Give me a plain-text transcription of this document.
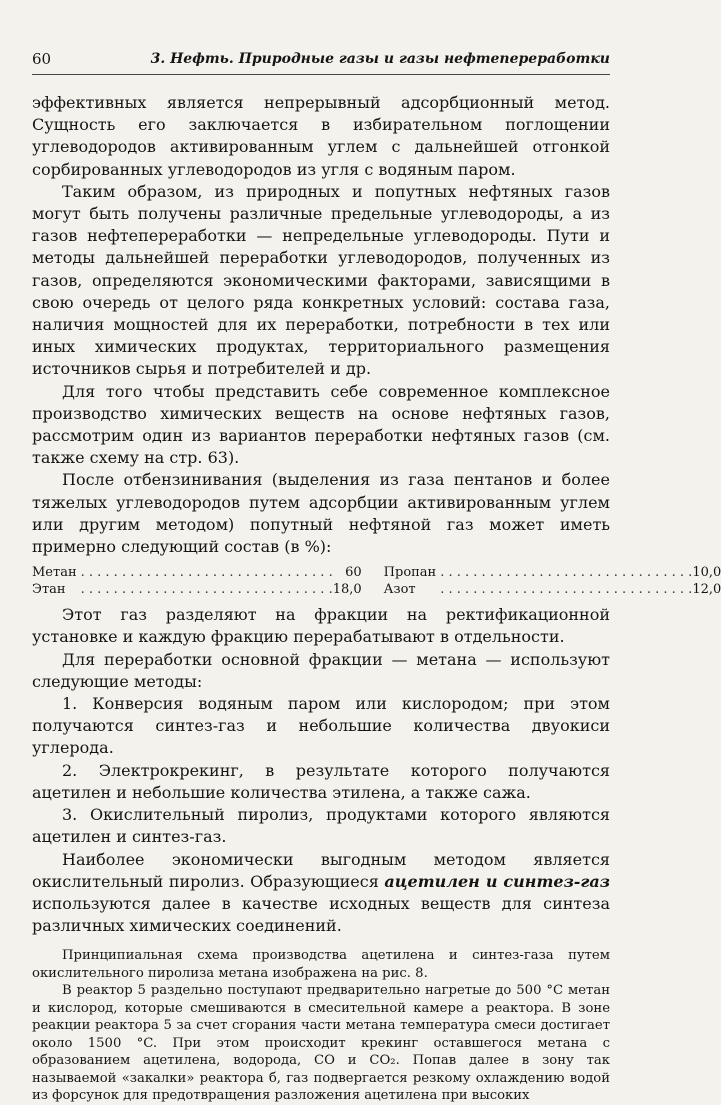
60	3. Нефть. Природные газы и газы нефтепереработки

эффективных является непрерывный адсорбционный метод. Сущность его заключается в избирательном поглощении углеводородов активированным углем с дальнейшей отгонкой сорбированных углеводородов из угля с водяным паром.

Таким образом, из природных и попутных нефтяных газов могут быть получены различные предельные углеводороды, а из газов нефтепереработки — непредельные углеводороды. Пути и методы дальнейшей переработки углеводородов, полученных из газов, определяются экономическими факторами, зависящими в свою очередь от целого ряда конкретных условий: состава газа, наличия мощностей для их переработки, потребности в тех или иных химических продуктах, территориального размещения источников сырья и потребителей и др.

Для того чтобы представить себе современное комплексное производство химических веществ на основе нефтяных газов, рассмотрим один из вариантов переработки нефтяных газов (см. также схему на стр. 63).

После отбензинивания (выделения из газа пентанов и более тяжелых углеводородов путем адсорбции активированным углем или другим методом) попутный нефтяной газ может иметь примерно следующий состав (в %):

Метан	. . . . . . . . . . . . . . . . . . . . . . . . . . . . . . .	60	Пропан	. . . . . . . . . . . . . . . . . . . . . . . . . . . . . . .	10,0
Этан	. . . . . . . . . . . . . . . . . . . . . . . . . . . . . . .	18,0	Азот	. . . . . . . . . . . . . . . . . . . . . . . . . . . . . . .	12,0

Этот газ разделяют на фракции на ректификационной установке и каждую фракцию перерабатывают в отдельности.

Для переработки основной фракции — метана — используют следующие методы:

1. Конверсия водяным паром или кислородом; при этом получаются синтез-газ и небольшие количества двуокиси углерода.

2. Электрокрекинг, в результате которого получаются ацетилен и небольшие количества этилена, а также сажа.

3. Окислительный пиролиз, продуктами которого являются ацетилен и синтез-газ.

Наиболее экономически выгодным методом является окислительный пиролиз. Образующиеся ацетилен и синтез-газ используются далее в качестве исходных веществ для синтеза различных химических соединений.

Принципиальная схема производства ацетилена и синтез-газа путем окислительного пиролиза метана изображена на рис. 8.

В реактор 5 раздельно поступают предварительно нагретые до 500 °C метан и кислород, которые смешиваются в смесительной камере а реактора. В зоне реакции реактора 5 за счет сгорания части метана температура смеси достигает около 1500 °C. При этом происходит крекинг оставшегося метана с образованием ацетилена, водорода, CO и CO₂. Попав далее в зону так называемой «закалки» реактора б, газ подвергается резкому охлаждению водой из форсунок для предотвращения разложения ацетилена при высоких
